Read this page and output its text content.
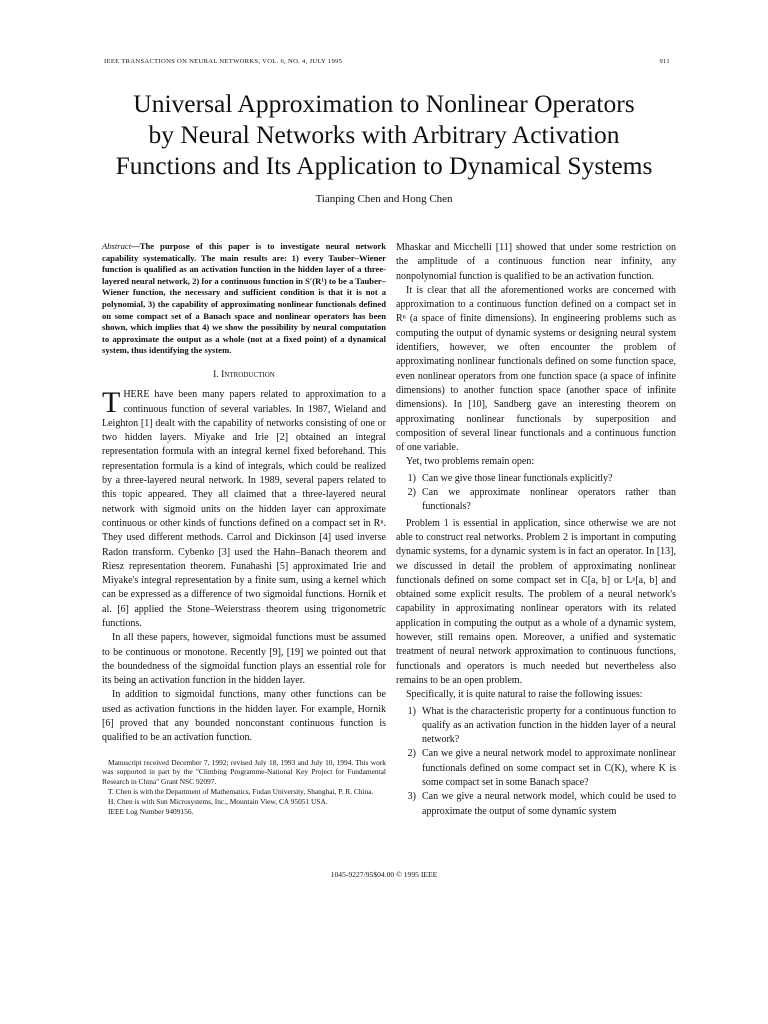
IEEE TRANSACTIONS ON NEURAL NETWORKS, VOL. 6, NO. 4, JULY 1995	911
Universal Approximation to Nonlinear Operators
by Neural Networks with Arbitrary Activation
Functions and Its Application to Dynamical Systems
Tianping Chen and Hong Chen

Abstract—The purpose of this paper is to investigate neural network capability systematically. The main results are: 1) every Tauber–Wiener function is qualified as an activation function in the hidden layer of a three-layered neural network, 2) for a continuous function in S′(R¹) to be a Tauber–Wiener function, the necessary and sufficient condition is that it is not a polynomial, 3) the capability of approximating nonlinear functionals defined on some compact set of a Banach space and nonlinear operators has been shown, which implies that 4) we show the possibility by neural computation to approximate the output as a whole (not at a fixed point) of a dynamical system, thus identifying the system.

I. Introduction

THERE have been many papers related to approximation to a continuous function of several variables. In 1987, Wieland and Leighton [1] dealt with the capability of networks consisting of one or two hidden layers. Miyake and Irie [2] obtained an integral representation formula with an integral kernel fixed beforehand. This representation formula is a kind of integrals, which could be realized by a three-layered neural network. In 1989, several papers related to this topic appeared. They all claimed that a three-layered neural network with sigmoid units on the hidden layer can approximate continuous or other kinds of functions defined on a compact set in Rⁿ. They used different methods. Carrol and Dickinson [4] used inverse Radon transform. Cybenko [3] used the Hahn–Banach theorem and Riesz representation theorem. Funahashi [5] approximated Irie and Miyake's integral representation by a finite sum, using a kernel which can be expressed as a difference of two sigmoidal functions. Hornik et al. [6] applied the Stone–Weierstrass theorem using trigonometric functions.

In all these papers, however, sigmoidal functions must be assumed to be continuous or monotone. Recently [9], [19] we pointed out that the boundedness of the sigmoidal function plays an essential role for its being an activation function in the hidden layer.

In addition to sigmoidal functions, many other functions can be used as activation functions in the hidden layer. For example, Hornik [6] proved that any bounded nonconstant continuous function is qualified to be an activation function.

Manuscript received December 7, 1992; revised July 18, 1993 and July 10, 1994. This work was supported in part by the "Climbing Programme-National Key Project for Fundamental Research in China" Grant NSC 92097.

T. Chen is with the Department of Mathematics, Fudan University, Shanghai, P. R. China.

H. Chen is with Sun Microsystems, Inc., Mountain View, CA 95051 USA.

IEEE Log Number 9409156.

Mhaskar and Micchelli [11] showed that under some restriction on the amplitude of a continuous function near infinity, any nonpolynomial function is qualified to be an activation function.

It is clear that all the aforementioned works are concerned with approximation to a continuous function defined on a compact set in Rⁿ (a space of finite dimensions). In engineering problems such as computing the output of dynamic systems or designing neural system identifiers, however, we often encounter the problem of approximating nonlinear functionals defined on some function space, even nonlinear operators from one function space (a space of infinite dimensions) to another function space (another space of infinite dimensions). In [10], Sandberg gave an interesting theorem on approximating nonlinear functionals by superposition and composition of several linear functionals and a continuous function of one variable.

Yet, two problems remain open:

1) Can we give those linear functionals explicitly?
2) Can we approximate nonlinear operators rather than functionals?

Problem 1 is essential in application, since otherwise we are not able to construct real networks. Problem 2 is important in computing dynamic systems, for a dynamic system is in fact an operator. In [13], we discussed in detail the problem of approximating nonlinear functionals defined on some compact set in C[a, b] or Lᵖ[a, b] and obtained some explicit results. The problem of a neural network's capability in approximating nonlinear operators with its related application in computing the output as a whole of a dynamic system, however, still remains open. Moreover, a unified and systematic treatment of neural network approximation to continuous functions, functionals and operators is much needed but nevertheless also remains to be an open problem.

Specifically, it is quite natural to raise the following issues:

1) What is the characteristic property for a continuous function to qualify as an activation function in the hidden layer of a neural network?
2) Can we give a neural network model to approximate nonlinear functionals defined on some compact set in C(K), where K is some compact set in some Banach space?
3) Can we give a neural network model, which could be used to approximate the output of some dynamic system
1045-9227/95$04.00 © 1995 IEEE
